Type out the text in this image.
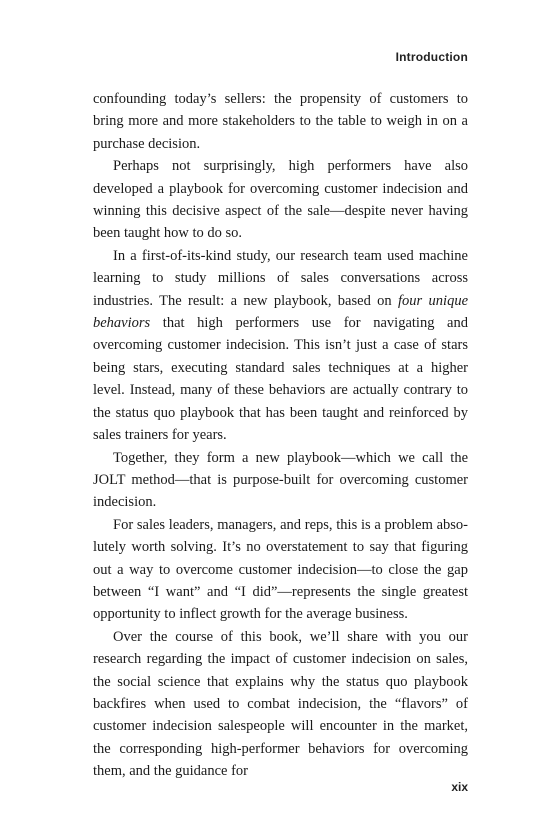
Introduction

confounding today’s sellers: the propensity of customers to bring more and more stakeholders to the table to weigh in on a purchase decision.

Perhaps not surprisingly, high performers have also developed a playbook for overcoming customer indecision and winning this decisive aspect of the sale—despite never having been taught how to do so.

In a first-of-its-kind study, our research team used machine learning to study millions of sales conversations across industries. The result: a new playbook, based on four unique behaviors that high performers use for navigating and overcoming customer indecision. This isn’t just a case of stars being stars, executing standard sales techniques at a higher level. Instead, many of these behaviors are actually contrary to the status quo playbook that has been taught and reinforced by sales trainers for years.

Together, they form a new playbook—which we call the JOLT method—that is purpose-built for overcoming customer indecision.

For sales leaders, managers, and reps, this is a problem absolutely worth solving. It’s no overstatement to say that figuring out a way to overcome customer indecision—to close the gap between “I want” and “I did”—represents the single greatest opportunity to inflect growth for the average business.

Over the course of this book, we’ll share with you our research regarding the impact of customer indecision on sales, the social science that explains why the status quo playbook backfires when used to combat indecision, the “flavors” of customer indecision salespeople will encounter in the market, the corresponding high-performer behaviors for overcoming them, and the guidance for

xix
